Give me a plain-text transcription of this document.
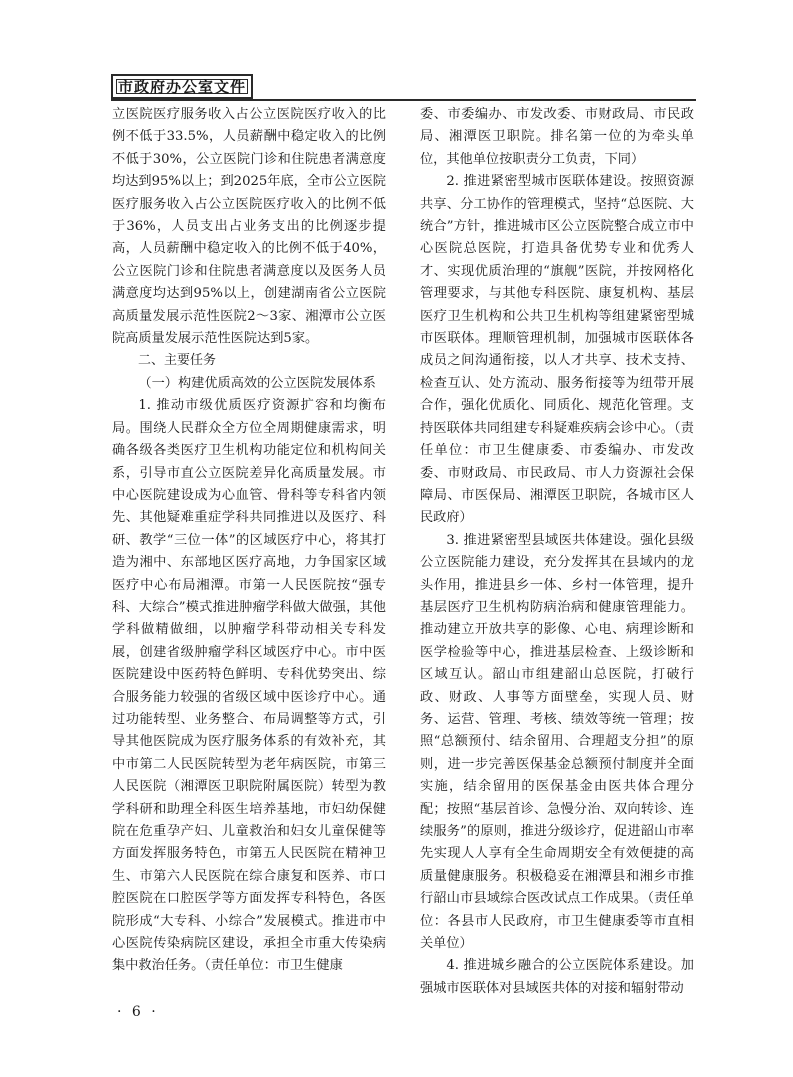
市政府办公室文件

立医院医疗服务收入占公立医院医疗收入的比例不低于33.5%，人员薪酬中稳定收入的比例不低于30%，公立医院门诊和住院患者满意度均达到95%以上；到2025年底，全市公立医院医疗服务收入占公立医院医疗收入的比例不低于36%，人员支出占业务支出的比例逐步提高，人员薪酬中稳定收入的比例不低于40%，公立医院门诊和住院患者满意度以及医务人员满意度均达到95%以上，创建湖南省公立医院高质量发展示范性医院2～3家、湘潭市公立医院高质量发展示范性医院达到5家。

二、主要任务

（一）构建优质高效的公立医院发展体系

1. 推动市级优质医疗资源扩容和均衡布局。围绕人民群众全方位全周期健康需求，明确各级各类医疗卫生机构功能定位和机构间关系，引导市直公立医院差异化高质量发展。市中心医院建设成为心血管、骨科等专科省内领先、其他疑难重症学科共同推进以及医疗、科研、教学“三位一体”的区域医疗中心，将其打造为湘中、东部地区医疗高地，力争国家区域医疗中心布局湘潭。市第一人民医院按“强专科、大综合”模式推进肿瘤学科做大做强，其他学科做精做细，以肿瘤学科带动相关专科发展，创建省级肿瘤学科区域医疗中心。市中医医院建设中医药特色鲜明、专科优势突出、综合服务能力较强的省级区域中医诊疗中心。通过功能转型、业务整合、布局调整等方式，引导其他医院成为医疗服务体系的有效补充，其中市第二人民医院转型为老年病医院，市第三人民医院（湘潭医卫职院附属医院）转型为教学科研和助理全科医生培养基地，市妇幼保健院在危重孕产妇、儿童救治和妇女儿童保健等方面发挥服务特色，市第五人民医院在精神卫生、市第六人民医院在综合康复和医养、市口腔医院在口腔医学等方面发挥专科特色，各医院形成“大专科、小综合”发展模式。推进市中心医院传染病院区建设，承担全市重大传染病集中救治任务。（责任单位：市卫生健康

委、市委编办、市发改委、市财政局、市民政局、湘潭医卫职院。排名第一位的为牵头单位，其他单位按职责分工负责，下同）

2. 推进紧密型城市医联体建设。按照资源共享、分工协作的管理模式，坚持“总医院、大统合”方针，推进城市区公立医院整合成立市中心医院总医院，打造具备优势专业和优秀人才、实现优质治理的“旗舰”医院，并按网格化管理要求，与其他专科医院、康复机构、基层医疗卫生机构和公共卫生机构等组建紧密型城市医联体。理顺管理机制，加强城市医联体各成员之间沟通衔接，以人才共享、技术支持、检查互认、处方流动、服务衔接等为纽带开展合作，强化优质化、同质化、规范化管理。支持医联体共同组建专科疑难疾病会诊中心。（责任单位：市卫生健康委、市委编办、市发改委、市财政局、市民政局、市人力资源社会保障局、市医保局、湘潭医卫职院，各城市区人民政府）

3. 推进紧密型县域医共体建设。强化县级公立医院能力建设，充分发挥其在县域内的龙头作用，推进县乡一体、乡村一体管理，提升基层医疗卫生机构防病治病和健康管理能力。推动建立开放共享的影像、心电、病理诊断和医学检验等中心，推进基层检查、上级诊断和区域互认。韶山市组建韶山总医院，打破行政、财政、人事等方面壁垒，实现人员、财务、运营、管理、考核、绩效等统一管理；按照“总额预付、结余留用、合理超支分担”的原则，进一步完善医保基金总额预付制度并全面实施，结余留用的医保基金由医共体合理分配；按照“基层首诊、急慢分治、双向转诊、连续服务”的原则，推进分级诊疗，促进韶山市率先实现人人享有全生命周期安全有效便捷的高质量健康服务。积极稳妥在湘潭县和湘乡市推行韶山市县域综合医改试点工作成果。（责任单位：各县市人民政府，市卫生健康委等市直相关单位）

4. 推进城乡融合的公立医院体系建设。加强城市医联体对县域医共体的对接和辐射带动

· 6 ·
